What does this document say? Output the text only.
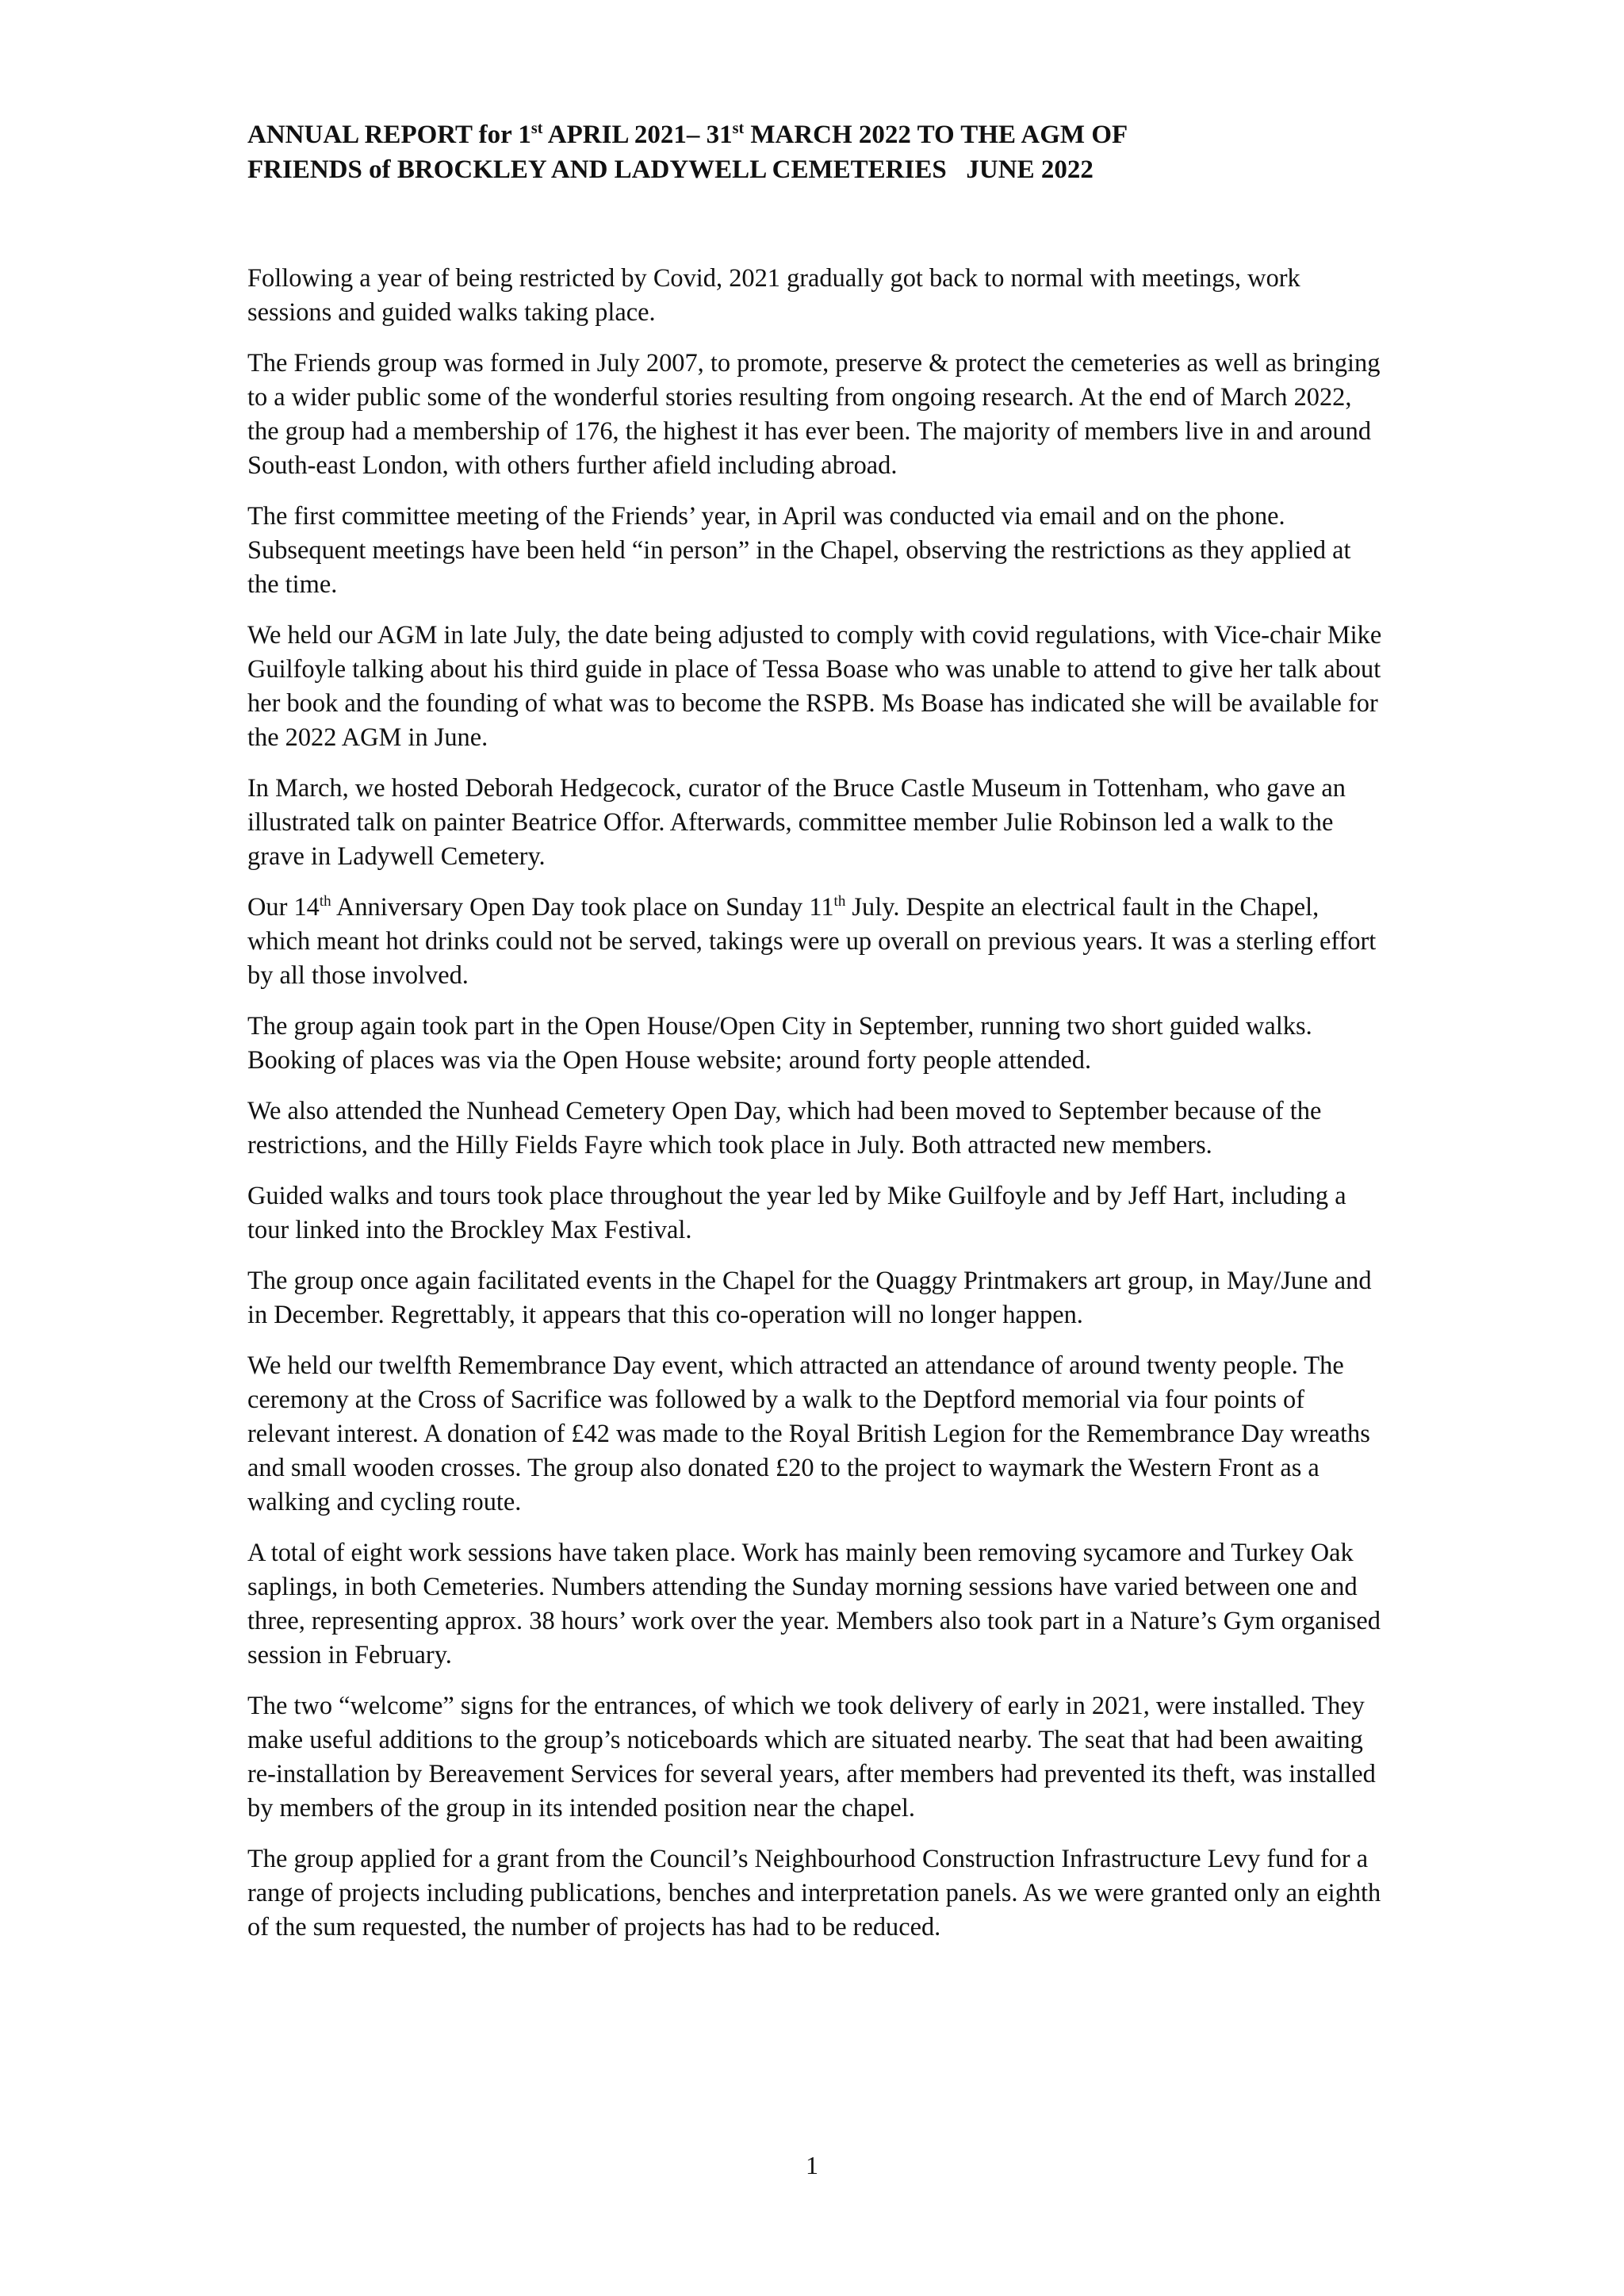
ANNUAL REPORT for 1st APRIL 2021– 31st MARCH 2022 TO THE AGM OF
FRIENDS of BROCKLEY AND LADYWELL CEMETERIES   JUNE 2022

Following a year of being restricted by Covid, 2021 gradually got back to normal with meetings, work sessions and guided walks taking place.

The Friends group was formed in July 2007, to promote, preserve & protect the cemeteries as well as bringing to a wider public some of the wonderful stories resulting from ongoing research. At the end of March 2022, the group had a membership of 176, the highest it has ever been. The majority of members live in and around South-east London, with others further afield including abroad.

The first committee meeting of the Friends’ year, in April was conducted via email and on the phone. Subsequent meetings have been held “in person” in the Chapel, observing the restrictions as they applied at the time.

We held our AGM in late July, the date being adjusted to comply with covid regulations, with Vice-chair Mike Guilfoyle talking about his third guide in place of Tessa Boase who was unable to attend to give her talk about her book and the founding of what was to become the RSPB. Ms Boase has indicated she will be available for the 2022 AGM in June.

In March, we hosted Deborah Hedgecock, curator of the Bruce Castle Museum in Tottenham, who gave an illustrated talk on painter Beatrice Offor. Afterwards, committee member Julie Robinson led a walk to the grave in Ladywell Cemetery.

Our 14th Anniversary Open Day took place on Sunday 11th July. Despite an electrical fault in the Chapel, which meant hot drinks could not be served, takings were up overall on previous years. It was a sterling effort by all those involved.

The group again took part in the Open House/Open City in September, running two short guided walks. Booking of places was via the Open House website; around forty people attended.

We also attended the Nunhead Cemetery Open Day, which had been moved to September because of the restrictions, and the Hilly Fields Fayre which took place in July. Both attracted new members.

Guided walks and tours took place throughout the year led by Mike Guilfoyle and by Jeff Hart, including a tour linked into the Brockley Max Festival.

The group once again facilitated events in the Chapel for the Quaggy Printmakers art group, in May/June and in December. Regrettably, it appears that this co-operation will no longer happen.

We held our twelfth Remembrance Day event, which attracted an attendance of around twenty people. The ceremony at the Cross of Sacrifice was followed by a walk to the Deptford memorial via four points of relevant interest. A donation of £42 was made to the Royal British Legion for the Remembrance Day wreaths and small wooden crosses. The group also donated £20 to the project to waymark the Western Front as a walking and cycling route.

A total of eight work sessions have taken place. Work has mainly been removing sycamore and Turkey Oak saplings, in both Cemeteries. Numbers attending the Sunday morning sessions have varied between one and three, representing approx. 38 hours’ work over the year. Members also took part in a Nature’s Gym organised session in February.

The two “welcome” signs for the entrances, of which we took delivery of early in 2021, were installed. They make useful additions to the group’s noticeboards which are situated nearby. The seat that had been awaiting re-installation by Bereavement Services for several years, after members had prevented its theft, was installed by members of the group in its intended position near the chapel.

The group applied for a grant from the Council’s Neighbourhood Construction Infrastructure Levy fund for a range of projects including publications, benches and interpretation panels. As we were granted only an eighth of the sum requested, the number of projects has had to be reduced.

1
